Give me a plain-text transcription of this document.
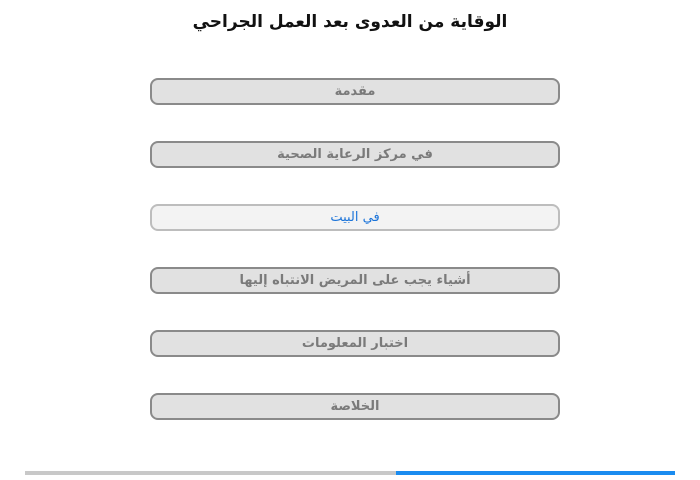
الوقاية من العدوى بعد العمل الجراحي
مقدمة
في مركز الرعاية الصحية
في البيت
أشياء يجب على المريض الانتباه إليها
اختبار المعلومات
الخلاصة
